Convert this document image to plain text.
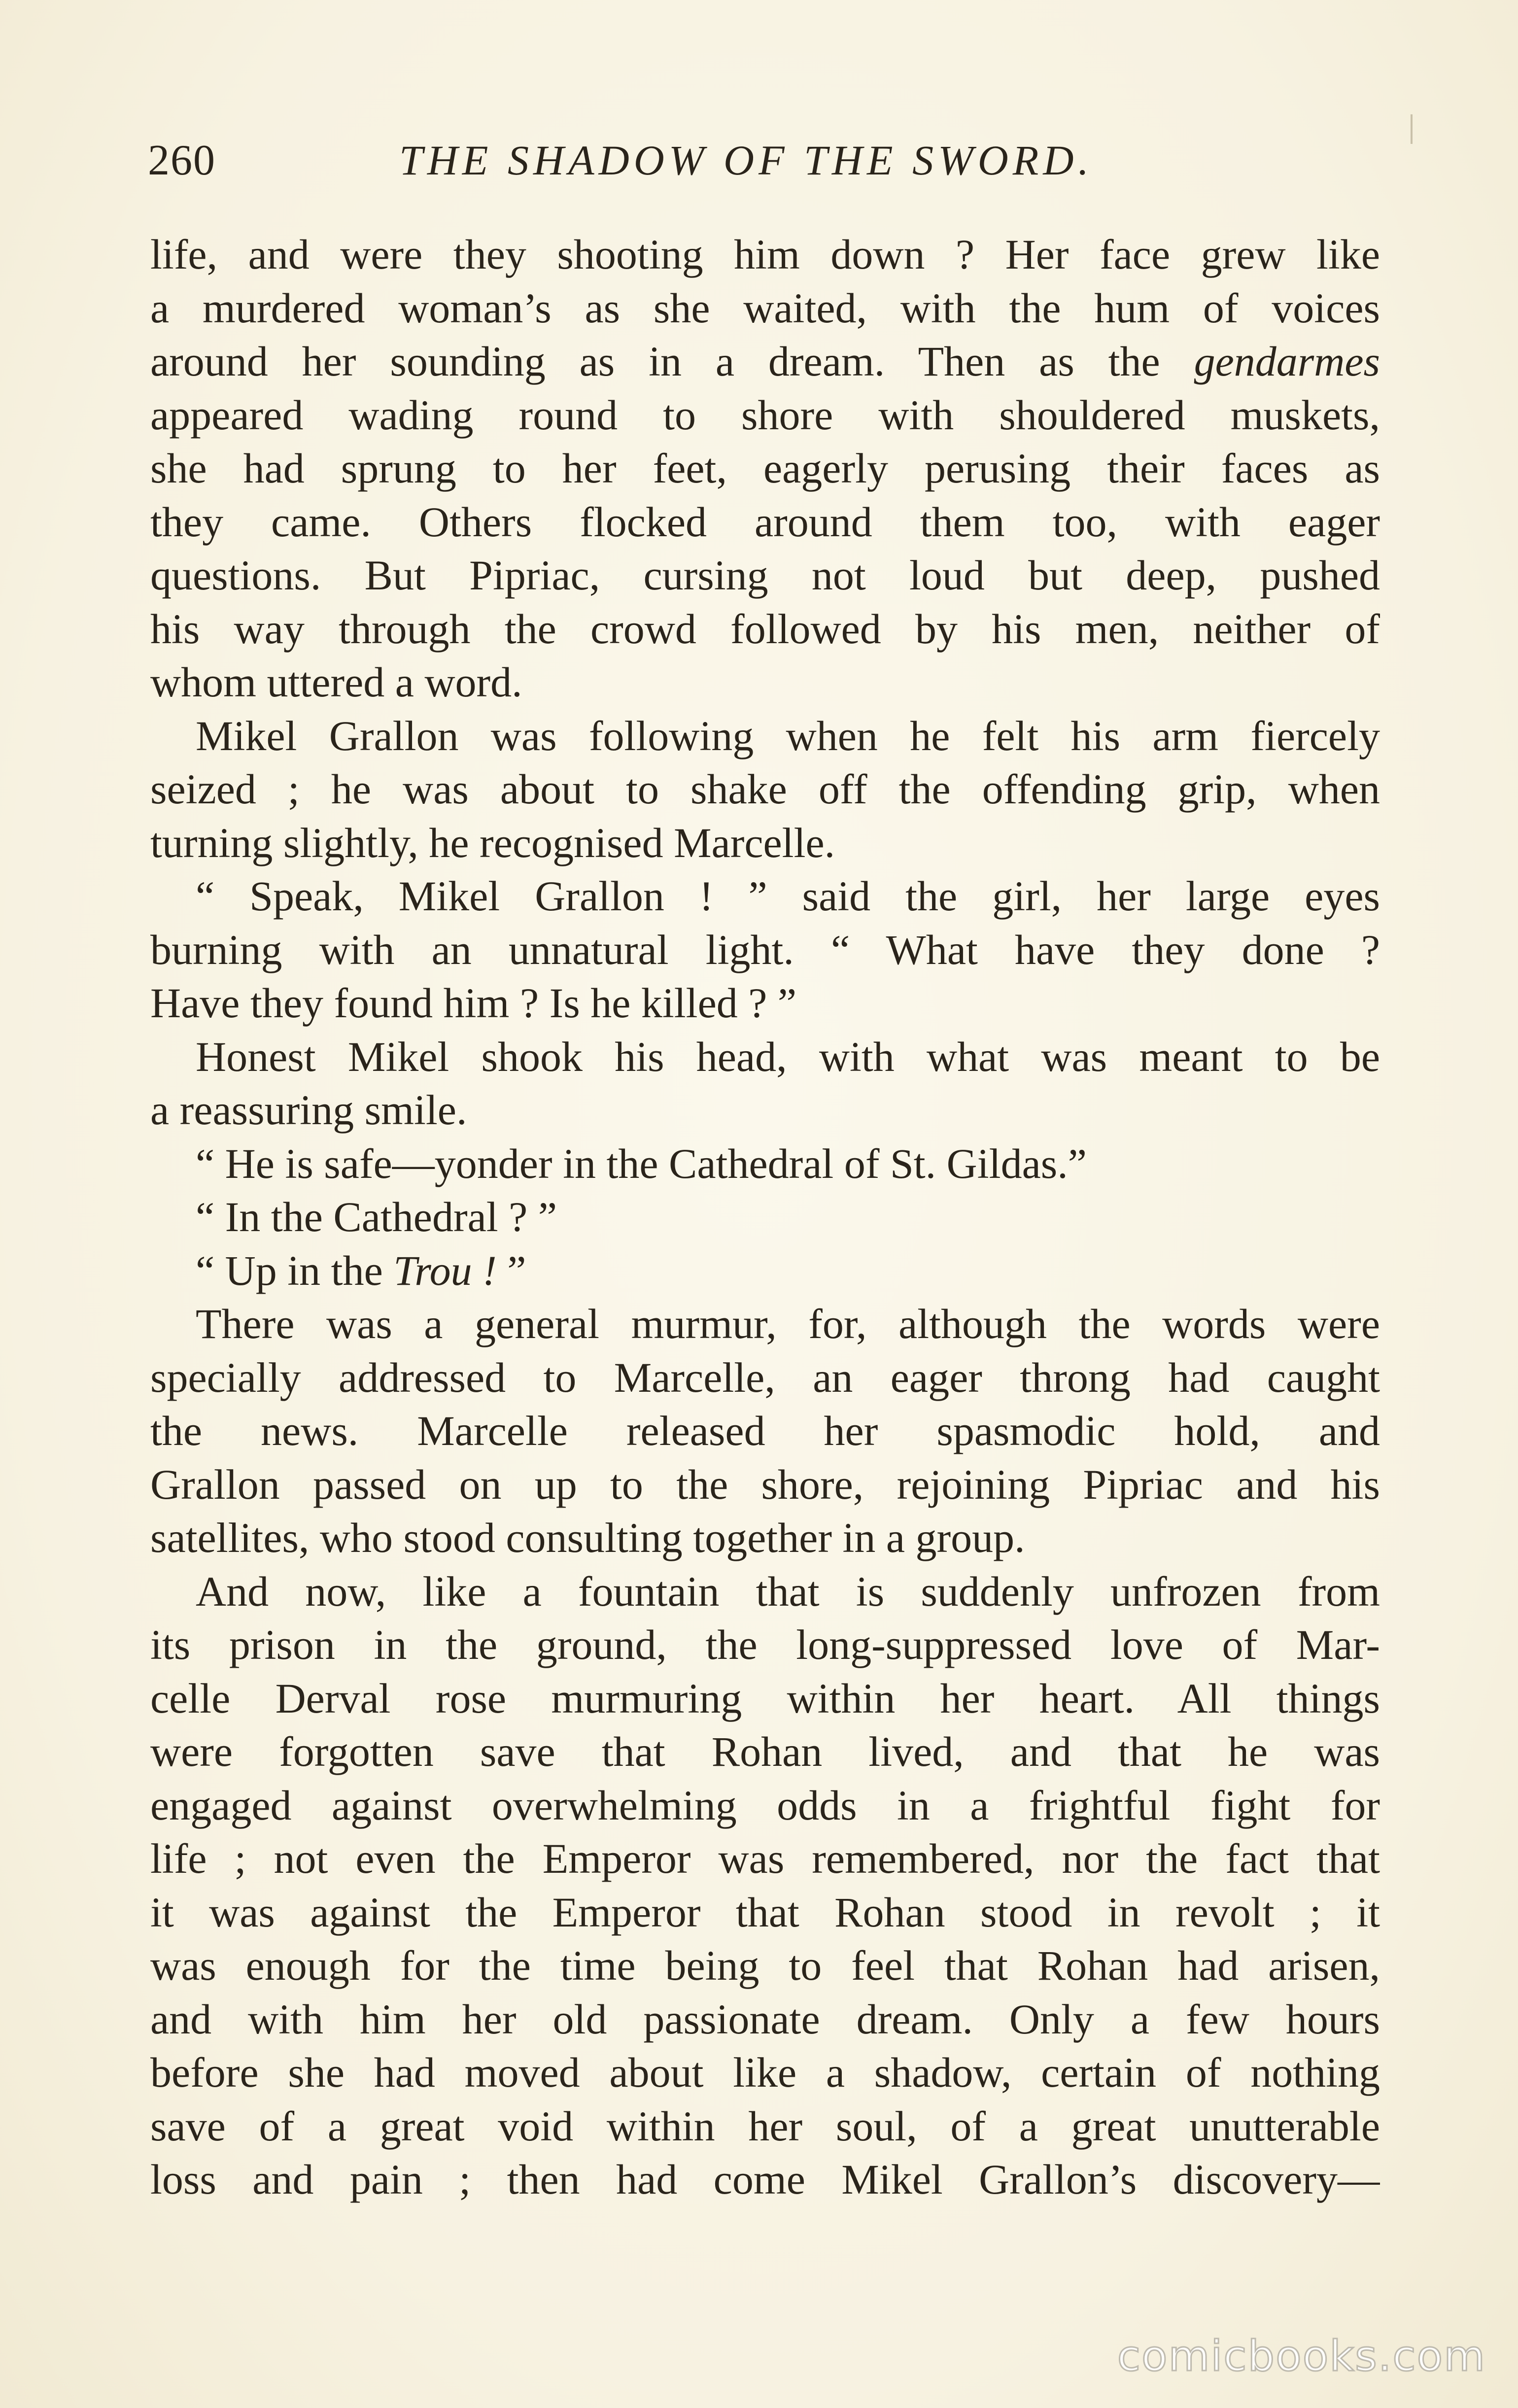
260	THE SHADOW OF THE SWORD.
life, and were they shooting him down ? Her face grew like
a murdered woman’s as she waited, with the hum of voices
around her sounding as in a dream. Then as the gendarmes
appeared wading round to shore with shouldered muskets,
she had sprung to her feet, eagerly perusing their faces as
they came. Others flocked around them too, with eager
questions. But Pipriac, cursing not loud but deep, pushed
his way through the crowd followed by his men, neither of
whom uttered a word.
Mikel Grallon was following when he felt his arm fiercely
seized ; he was about to shake off the offending grip, when
turning slightly, he recognised Marcelle.
“ Speak, Mikel Grallon ! ” said the girl, her large eyes
burning with an unnatural light. “ What have they done ?
Have they found him ? Is he killed ? ”
Honest Mikel shook his head, with what was meant to be
a reassuring smile.
“ He is safe—yonder in the Cathedral of St. Gildas.”
“ In the Cathedral ? ”
“ Up in the Trou ! ”
There was a general murmur, for, although the words were
specially addressed to Marcelle, an eager throng had caught
the news. Marcelle released her spasmodic hold, and
Grallon passed on up to the shore, rejoining Pipriac and his
satellites, who stood consulting together in a group.
And now, like a fountain that is suddenly unfrozen from
its prison in the ground, the long-suppressed love of Mar-
celle Derval rose murmuring within her heart. All things
were forgotten save that Rohan lived, and that he was
engaged against overwhelming odds in a frightful fight for
life ; not even the Emperor was remembered, nor the fact that
it was against the Emperor that Rohan stood in revolt ; it
was enough for the time being to feel that Rohan had arisen,
and with him her old passionate dream. Only a few hours
before she had moved about like a shadow, certain of nothing
save of a great void within her soul, of a great unutterable
loss and pain ; then had come Mikel Grallon’s discovery—
comicbooks.com
